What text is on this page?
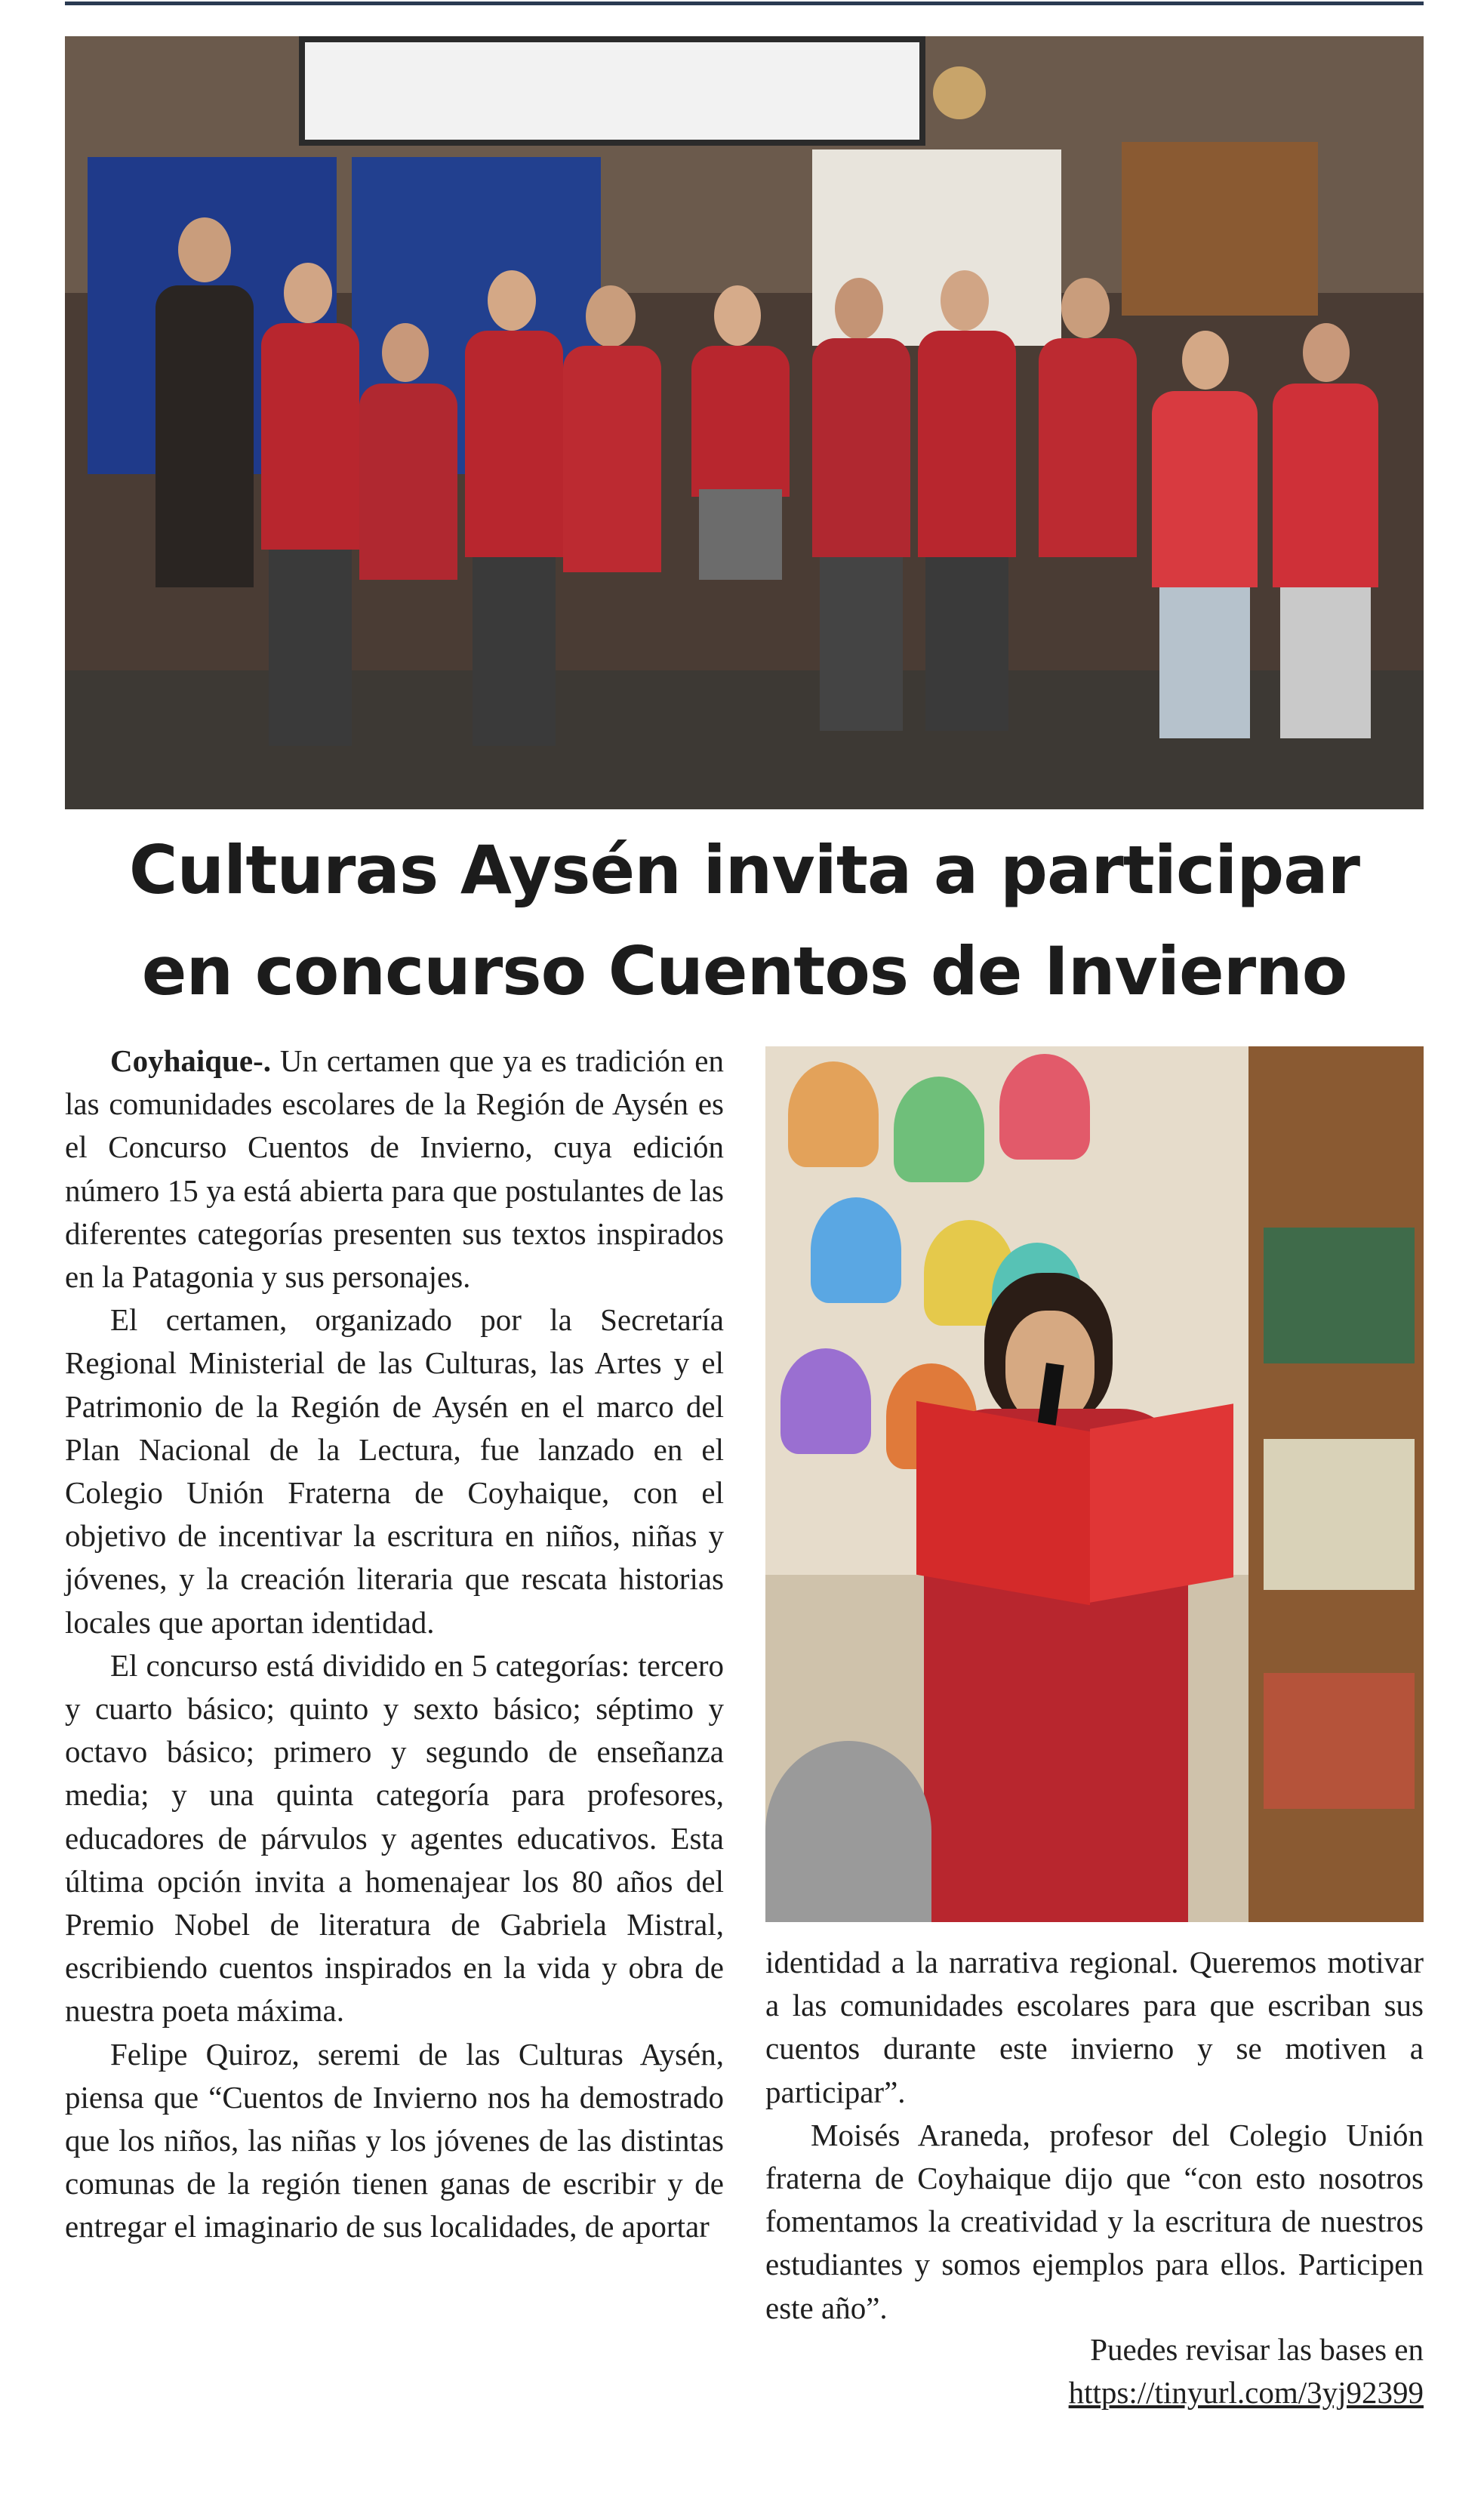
Culturas Aysén invita a participar
en concurso Cuentos de Invierno

Coyhaique-. Un certamen que ya es tradición en las comunidades escolares de la Región de Aysén es el Concurso Cuentos de Invierno, cuya edición número 15 ya está abierta para que postulantes de las diferentes categorías presenten sus textos inspirados en la Patagonia y sus personajes.

El certamen, organizado por la Secretaría Regional Ministerial de las Culturas, las Artes y el Patrimonio de la Región de Aysén en el marco del Plan Nacional de la Lectura, fue lanzado en el Colegio Unión Fraterna de Coyhaique, con el objetivo de incentivar la escritura en niños, niñas y jóvenes, y la creación literaria que rescata historias locales que aportan identidad.

El concurso está dividido en 5 categorías: tercero y cuarto básico; quinto y sexto básico; séptimo y octavo básico; primero y segundo de enseñanza media; y una quinta categoría para profesores, educadores de párvulos y agentes educativos. Esta última opción invita a homenajear los 80 años del Premio Nobel de literatura de Gabriela Mistral, escribiendo cuentos inspirados en la vida y obra de nuestra poeta máxima.

Felipe Quiroz, seremi de las Culturas Aysén, piensa que “Cuentos de Invierno nos ha demostrado que los niños, las niñas y los jóvenes de las distintas comunas de la región tienen ganas de escribir y de entregar el imaginario de sus localidades, de aportar

identidad a la narrativa regional. Queremos motivar a las comunidades escolares para que escriban sus cuentos durante este invierno y se motiven a participar”.

Moisés Araneda, profesor del Colegio Unión fraterna de Coyhaique dijo que “con esto nosotros fomentamos la creatividad y la escritura de nuestros estudiantes y somos ejemplos para ellos. Participen este año”.

Puedes revisar las bases en
https://tinyurl.com/3yj92399
